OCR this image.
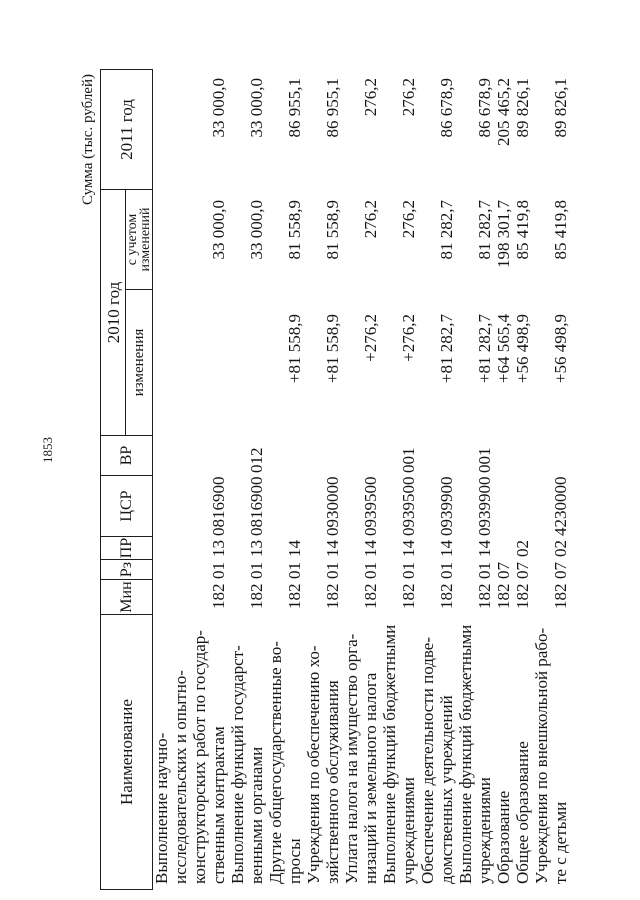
1853
Сумма (тыс. рублей)
Наименование
Мин
Рз
ПР
ЦСР
ВР
2010 год
изменения
с учетом изменений
2011 год
Выполнение научно- исследовательских и опытно- конструкторских работ по государ- ственным контрактам
182
01
13
0816900
33 000,0
33 000,0
Выполнение функций государст- венными органами
182
01
13
0816900
012
33 000,0
33 000,0
Другие общегосударственные во- просы
182
01
14
+81 558,9
81 558,9
86 955,1
Учреждения по обеспечению хо- зяйственного обслуживания
182
01
14
0930000
+81 558,9
81 558,9
86 955,1
Уплата налога на имущество орга- низаций и земельного налога
182
01
14
0939500
+276,2
276,2
276,2
Выполнение функций бюджетными учреждениями
182
01
14
0939500
001
+276,2
276,2
276,2
Обеспечение деятельности подве- домственных учреждений
182
01
14
0939900
+81 282,7
81 282,7
86 678,9
Выполнение функций бюджетными учреждениями
182
01
14
0939900
001
+81 282,7
81 282,7
86 678,9
Образование
182
07
+64 565,4
198 301,7
205 465,2
Общее образование
182
07
02
+56 498,9
85 419,8
89 826,1
Учреждения по внешкольной рабо- те с детьми
182
07
02
4230000
+56 498,9
85 419,8
89 826,1
